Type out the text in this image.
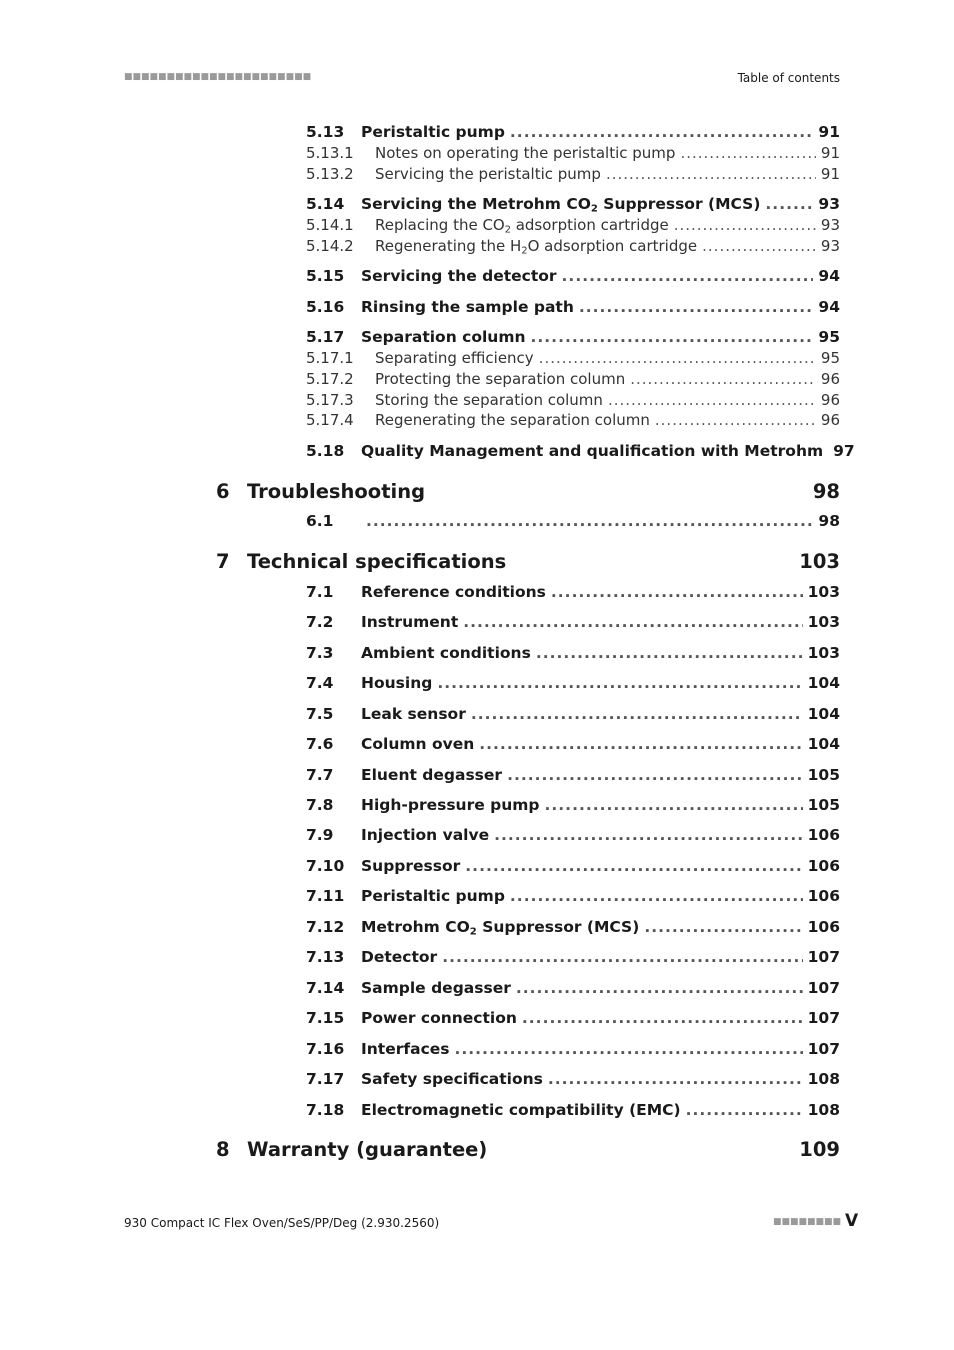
■■■■■■■■■■■■■■■■■■■■■■	Table of contents
5.13	Peristaltic pump .....	91
5.13.1	Notes on operating the peristaltic pump .....	91
5.13.2	Servicing the peristaltic pump .....	91
5.14	Servicing the Metrohm $CO_2$ Suppressor (MCS) .....	93
5.14.1	Replacing the $CO_2$ adsorption cartridge .....	93
5.14.2	Regenerating the $H_2O$ adsorption cartridge .....	93
5.15	Servicing the detector .....	94
5.16	Rinsing the sample path .....	94
5.17	Separation column .....	95
5.17.1	Separating efficiency .....	95
5.17.2	Protecting the separation column .....	96
5.17.3	Storing the separation column .....	96
5.17.4	Regenerating the separation column .....	96
5.18	Quality Management and qualification with Metrohm 97
6 Troubleshooting	98
6.1 .....	98
7 Technical specifications	103
7.1	Reference conditions .....	103
7.2	Instrument .....	103
7.3	Ambient conditions .....	103
7.4	Housing .....	104
7.5	Leak sensor .....	104
7.6	Column oven .....	104
7.7	Eluent degasser .....	105
7.8	High-pressure pump .....	105
7.9	Injection valve .....	106
7.10	Suppressor .....	106
7.11	Peristaltic pump .....	106
7.12	Metrohm $CO_2$ Suppressor (MCS) .....	106
7.13	Detector .....	107
7.14	Sample degasser .....	107
7.15	Power connection .....	107
7.16	Interfaces .....	107
7.17	Safety specifications .....	108
7.18	Electromagnetic compatibility (EMC) .....	108
8 Warranty (guarantee)	109
930 Compact IC Flex Oven/SeS/PP/Deg (2.930.2560)	■■■■■■■■ V
